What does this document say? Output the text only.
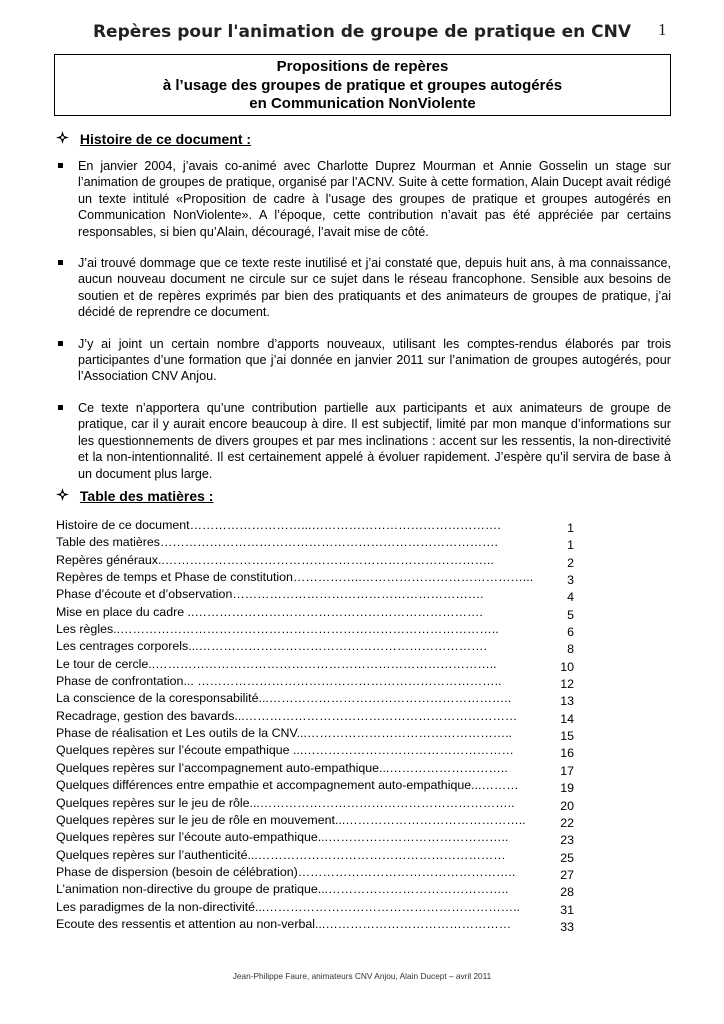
Repères pour l'animation de groupe de pratique en CNV	1
Propositions de repères
à l’usage des groupes de pratique et groupes autogérés
en Communication NonViolente
Histoire de ce document :
En janvier 2004, j’avais co-animé avec Charlotte Duprez Mourman et Annie Gosselin un stage sur l’animation de groupes de pratique, organisé par l’ACNV. Suite à cette formation, Alain Ducept avait rédigé un texte intitulé «Proposition de cadre à l’usage des groupes de pratique et groupes autogérés en Communication NonViolente». A l’époque, cette contribution n’avait pas été appréciée par certains responsables, si bien qu’Alain, découragé, l’avait mise de côté.
J’ai trouvé dommage que ce texte reste inutilisé et j’ai constaté que, depuis huit ans, à ma connaissance, aucun nouveau document ne circule sur ce sujet dans le réseau francophone. Sensible aux besoins de soutien et de repères exprimés par bien des pratiquants et des animateurs de groupes de pratique, j’ai décidé de reprendre ce document.
J’y ai joint un certain nombre d’apports nouveaux, utilisant les comptes-rendus élaborés par trois participantes d’une formation que j’ai donnée en janvier 2011 sur l’animation de groupes autogérés, pour l’Association CNV Anjou.
Ce texte n’apportera qu’une contribution partielle aux participants et aux animateurs de groupe de pratique, car il y aurait encore beaucoup à dire. Il est subjectif, limité par mon manque d’informations sur les questionnements de divers groupes et par mes inclinations : accent sur les ressentis, la non-directivité et la non-intentionnalité. Il est certainement appelé à évoluer rapidement. J’espère qu’il servira de base à un document plus large.
Table des matières :
Histoire de ce document………………………...……………………………………….	1
Table des matières……………………………………………………………………….	1
Repères généraux..……………………………………………………………………..	2
Repères de temps et Phase de constitution……………..…………………………………...	3
Phase d’écoute et d’observation…………………………………………………….	4
Mise en place du cadre ..…………………………………………………………….	5
Les règles..………………………………………………………………………………..	6
Les centrages corporels...…………………………………………………………….	8
Le tour de cercle..………………………………………………………………………..	10
Phase de confrontation... ………………………………………………………………..	12
La conscience de la coresponsabilité...…………………………………………………..	13
Recadrage, gestion des bavards...…………………………………………………………	14
Phase de réalisation et Les outils de la CNV...…………………………………………..	15
Quelques repères sur l’écoute empathique ...……………………………………………	16
Quelques repères sur l’accompagnement auto-empathique...………………………..	17
Quelques différences entre empathie et accompagnement auto-empathique...………	19
Quelques repères sur le jeu de rôle...……………………………………………………..	20
Quelques repères sur le jeu de rôle en mouvement...……………………………………..	22
Quelques repères sur l’écoute auto-empathique...……………………………………..	23
Quelques repères sur l’authenticité...……………………………………………………	25
Phase de dispersion (besoin de célébration)……………………………………………..	27
L’animation non-directive du groupe de pratique...……………………………………..	28
Les paradigmes de la non-directivité...……………………………………………………..	31
Ecoute des ressentis et attention au non-verbal...………………………………………	33
Jean-Philippe Faure, animateurs CNV Anjou, Alain Ducept – avril 2011
